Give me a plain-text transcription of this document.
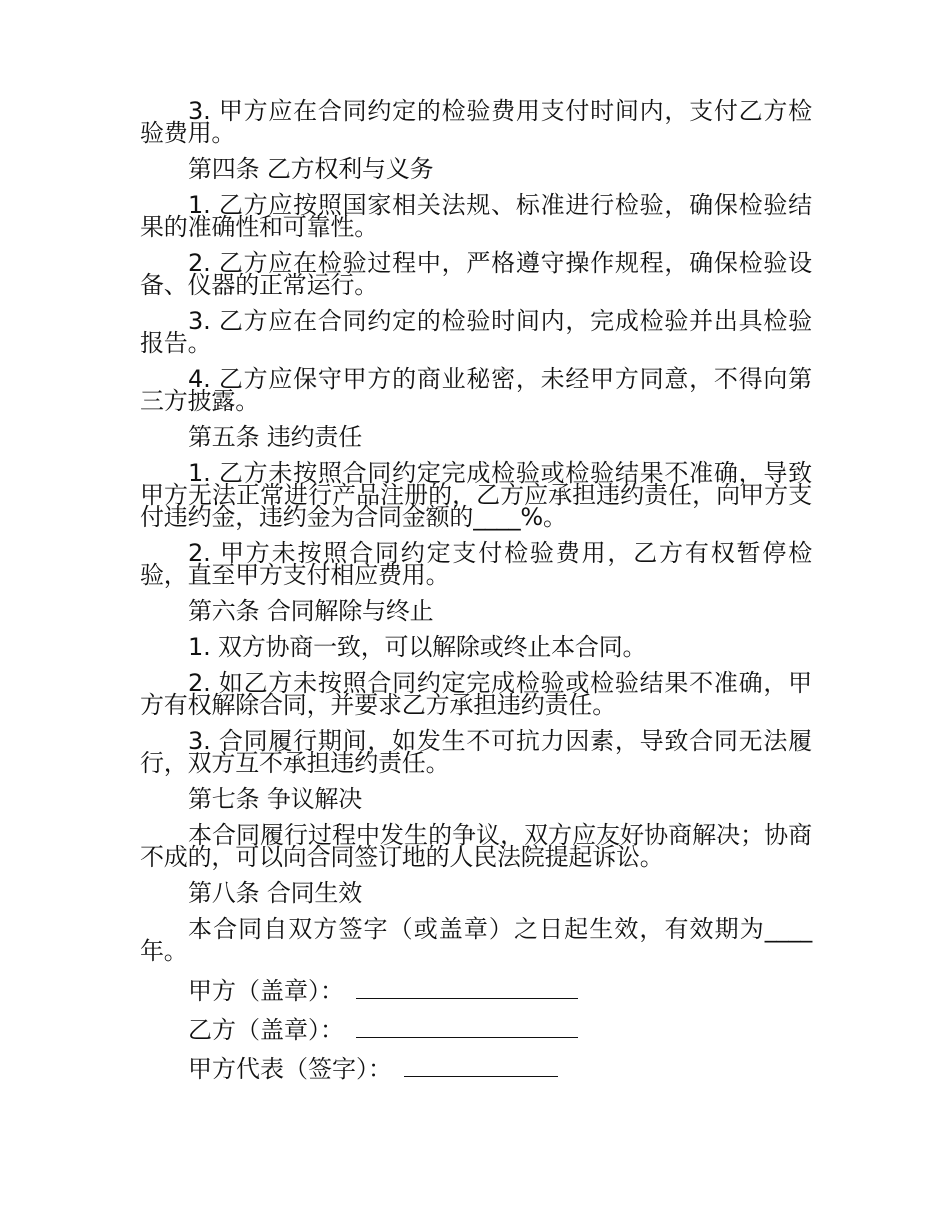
3. 甲方应在合同约定的检验费用支付时间内，支付乙方检验费用。

第四条 乙方权利与义务

1. 乙方应按照国家相关法规、标准进行检验，确保检验结果的准确性和可靠性。

2. 乙方应在检验过程中，严格遵守操作规程，确保检验设备、仪器的正常运行。

3. 乙方应在合同约定的检验时间内，完成检验并出具检验报告。

4. 乙方应保守甲方的商业秘密，未经甲方同意，不得向第三方披露。

第五条 违约责任

1. 乙方未按照合同约定完成检验或检验结果不准确，导致甲方无法正常进行产品注册的，乙方应承担违约责任，向甲方支付违约金，违约金为合同金额的____%。

2. 甲方未按照合同约定支付检验费用，乙方有权暂停检验，直至甲方支付相应费用。

第六条 合同解除与终止

1. 双方协商一致，可以解除或终止本合同。

2. 如乙方未按照合同约定完成检验或检验结果不准确，甲方有权解除合同，并要求乙方承担违约责任。

3. 合同履行期间，如发生不可抗力因素，导致合同无法履行，双方互不承担违约责任。

第七条 争议解决

本合同履行过程中发生的争议，双方应友好协商解决；协商不成的，可以向合同签订地的人民法院提起诉讼。

第八条 合同生效

本合同自双方签字（或盖章）之日起生效，有效期为____年。

甲方（盖章）：
乙方（盖章）：
甲方代表（签字）：
